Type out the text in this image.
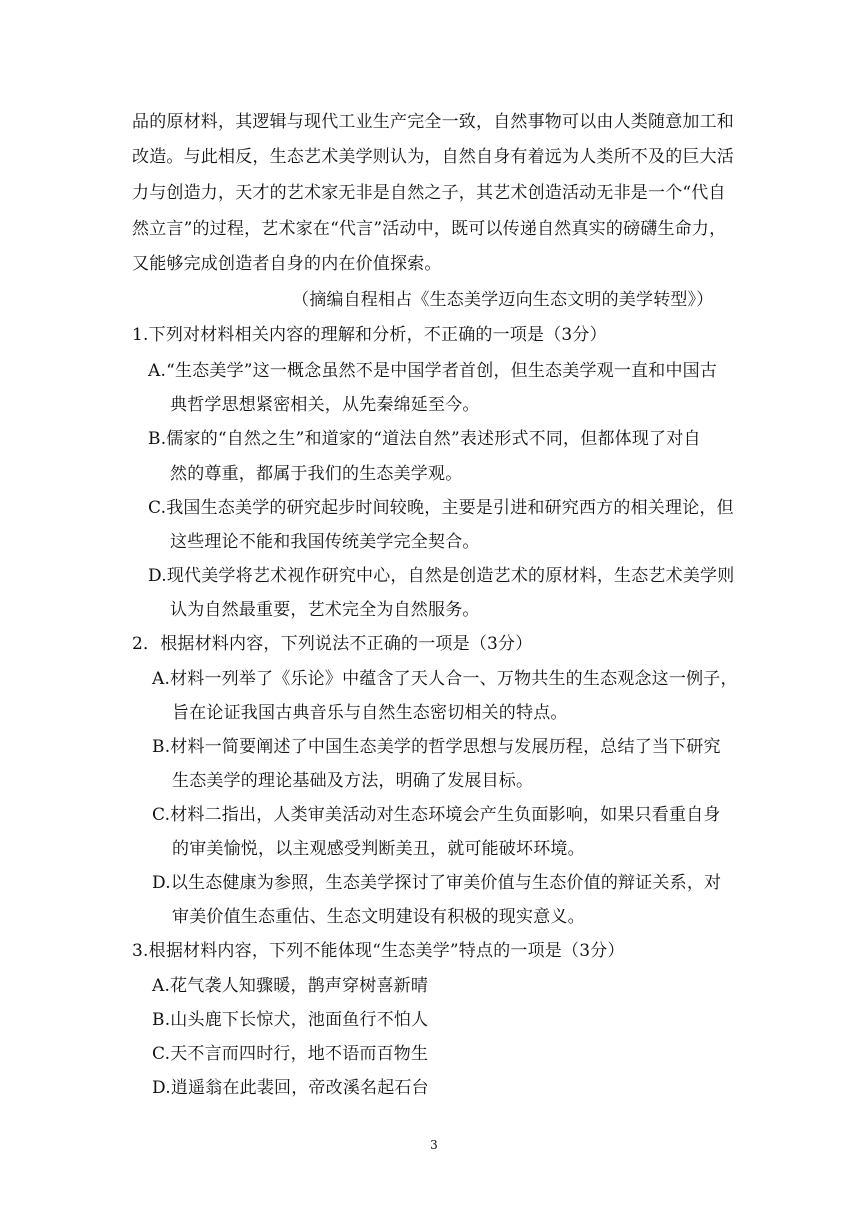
品的原材料，其逻辑与现代工业生产完全一致，自然事物可以由人类随意加工和
改造。与此相反，生态艺术美学则认为，自然自身有着远为人类所不及的巨大活
力与创造力，天才的艺术家无非是自然之子，其艺术创造活动无非是一个“代自
然立言”的过程，艺术家在“代言”活动中，既可以传递自然真实的磅礴生命力，
又能够完成创造者自身的内在价值探索。
（摘编自程相占《生态美学迈向生态文明的美学转型》）
1.下列对材料相关内容的理解和分析，不正确的一项是（3分）
A.“生态美学”这一概念虽然不是中国学者首创，但生态美学观一直和中国古
典哲学思想紧密相关，从先秦绵延至今。
B.儒家的“自然之生”和道家的“道法自然”表述形式不同，但都体现了对自
然的尊重，都属于我们的生态美学观。
C.我国生态美学的研究起步时间较晚，主要是引进和研究西方的相关理论，但
这些理论不能和我国传统美学完全契合。
D.现代美学将艺术视作研究中心，自然是创造艺术的原材料，生态艺术美学则
认为自然最重要，艺术完全为自然服务。
2．根据材料内容，下列说法不正确的一项是（3分）
A.材料一列举了《乐论》中蕴含了天人合一、万物共生的生态观念这一例子，
旨在论证我国古典音乐与自然生态密切相关的特点。
B.材料一简要阐述了中国生态美学的哲学思想与发展历程，总结了当下研究
生态美学的理论基础及方法，明确了发展目标。
C.材料二指出，人类审美活动对生态环境会产生负面影响，如果只看重自身
的审美愉悦，以主观感受判断美丑，就可能破坏环境。
D.以生态健康为参照，生态美学探讨了审美价值与生态价值的辩证关系，对
审美价值生态重估、生态文明建设有积极的现实意义。
3.根据材料内容，下列不能体现“生态美学”特点的一项是（3分）
A.花气袭人知骤暖，鹊声穿树喜新晴
B.山头鹿下长惊犬，池面鱼行不怕人
C.天不言而四时行，地不语而百物生
D.逍遥翁在此裴回，帝改溪名起石台
3
